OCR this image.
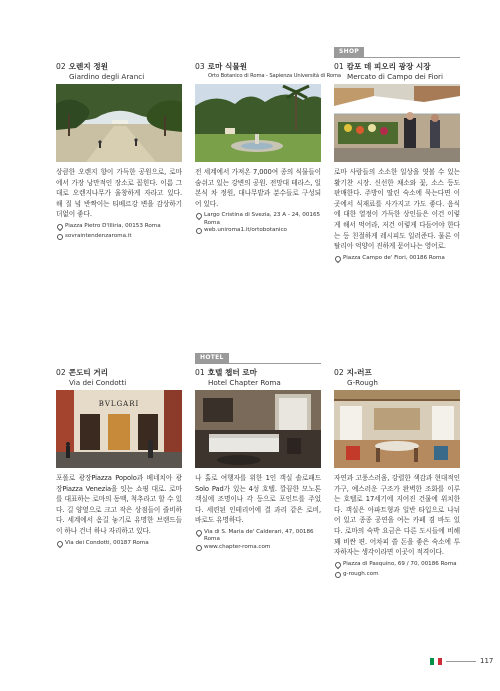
02 오렌지 정원
Giardino degli Aranci
상큼한 오렌지 향이 가득한 공원으로, 로마에서 가장 낭만적인 장소로 꼽힌다. 이름 그대로 오렌지나무가 울창하게 자라고 있다. 해 질 녘 반짝이는 티베르강 변을 감상하기 더없이 좋다.
Piazza Pietro D'Illiria, 00153 Roma
sovraintendenzaroma.it
03 로마 식물원
Orto Botanico di Roma - Sapienza Università di Roma
전 세계에서 가져온 7,000여 종의 식물들이 숨쉬고 있는 강변의 공원. 전망대 테라스, 일본식 차 정원, 대나무밭과 분수들로 구성되어 있다.
Largo Cristina di Svezia, 23 A - 24, 00165 Roma
web.uniroma1.it/ortobotanico
SHOP
01 캄포 데 피오리 광장 시장
Mercato di Campo dei Fiori
로마 사람들의 소소한 일상을 엿볼 수 있는 활기찬 시장. 신선한 채소와 꽃, 소스 등도 판매한다. 주방이 딸린 숙소에 묵는다면 이곳에서 식재료를 사가지고 가도 좋다. 음식에 대한 열정이 가득한 상인들은 이건 이렇게 해서 먹어라, 저건 이렇게 다듬어야 한다는 등 친절하게 레시피도 일러준다. 물론 이탈리아 억양이 진하게 묻어나는 영어로.
Piazza Campo de' Fiori, 00186 Roma
02 콘도티 거리
Via dei Condotti
BVLGARI
포폴로 광장Piazza Popolo과 베네치아 광장Piazza Venezia을 잇는 쇼핑 대로. 로마를 대표하는 로마의 동맥, 척추라고 할 수 있다. 길 양옆으로 크고 작은 상점들이 즐비하다. 세계에서 옴길 놓기로 유명한 브랜드들이 하나 건너 하나 자리하고 있다.
Via dei Condotti, 00187 Roma
HOTEL
01 호텔 챕터 로마
Hotel Chapter Roma
나 홀로 여행자를 위한 1인 객실 솔로패드Solo Pad가 있는 4성 호텔. 깔끔한 모노톤 객실에 조명이나 각 등으로 포인트를 주었다. 세련된 인테리어에 결 과리 같은 로비, 바로도 유명하다.
Via di S. Maria de' Calderari, 47, 00186 Roma
www.chapter-roma.com
02 지-러프
G-Rough
자연과 고풍스러움, 강렬한 색감과 현대적인 가구, 예스러운 구조가 완벽한 조화를 이루는 호텔로 17세기에 지어진 건물에 위치한다. 객실은 아파트형과 일반 타입으로 나뉘어 있고 종종 공연을 여는 카페 겸 바도 있다. 로마의 숙박 요금은 다른 도시들에 비해 꽤 비싼 편. 어차피 쓸 돈을 좋은 숙소에 투자하자는 생각이라면 이곳이 적격이다.
Piazza di Pasquino, 69 / 70, 00186 Roma
g-rough.com
117
